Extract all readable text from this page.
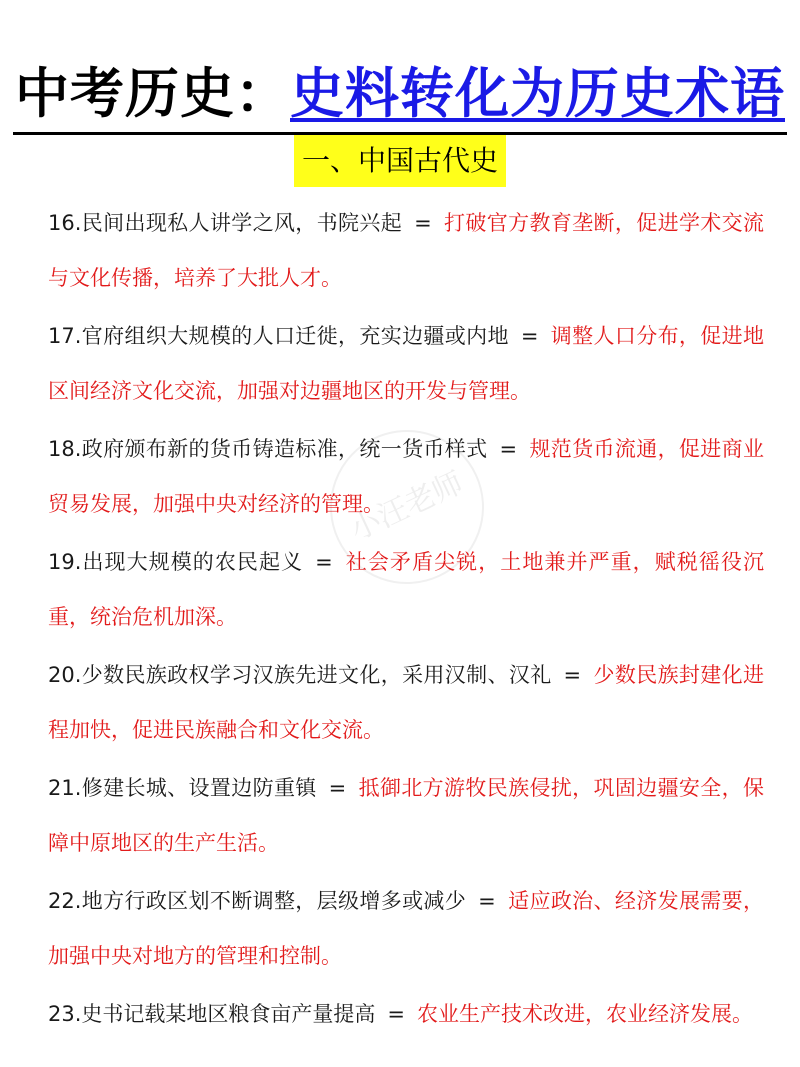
中考历史：史料转化为历史术语
一、中国古代史
小汪老师
16.民间出现私人讲学之风，书院兴起 = 打破官方教育垄断，促进学术交流与文化传播，培养了大批人才。
17.官府组织大规模的人口迁徙，充实边疆或内地 = 调整人口分布，促进地区间经济文化交流，加强对边疆地区的开发与管理。
18.政府颁布新的货币铸造标准，统一货币样式 = 规范货币流通，促进商业贸易发展，加强中央对经济的管理。
19.出现大规模的农民起义 = 社会矛盾尖锐，土地兼并严重，赋税徭役沉重，统治危机加深。
20.少数民族政权学习汉族先进文化，采用汉制、汉礼 = 少数民族封建化进程加快，促进民族融合和文化交流。
21.修建长城、设置边防重镇 = 抵御北方游牧民族侵扰，巩固边疆安全，保障中原地区的生产生活。
22.地方行政区划不断调整，层级增多或减少 = 适应政治、经济发展需要，加强中央对地方的管理和控制。
23.史书记载某地区粮食亩产量提高 = 农业生产技术改进，农业经济发展。
